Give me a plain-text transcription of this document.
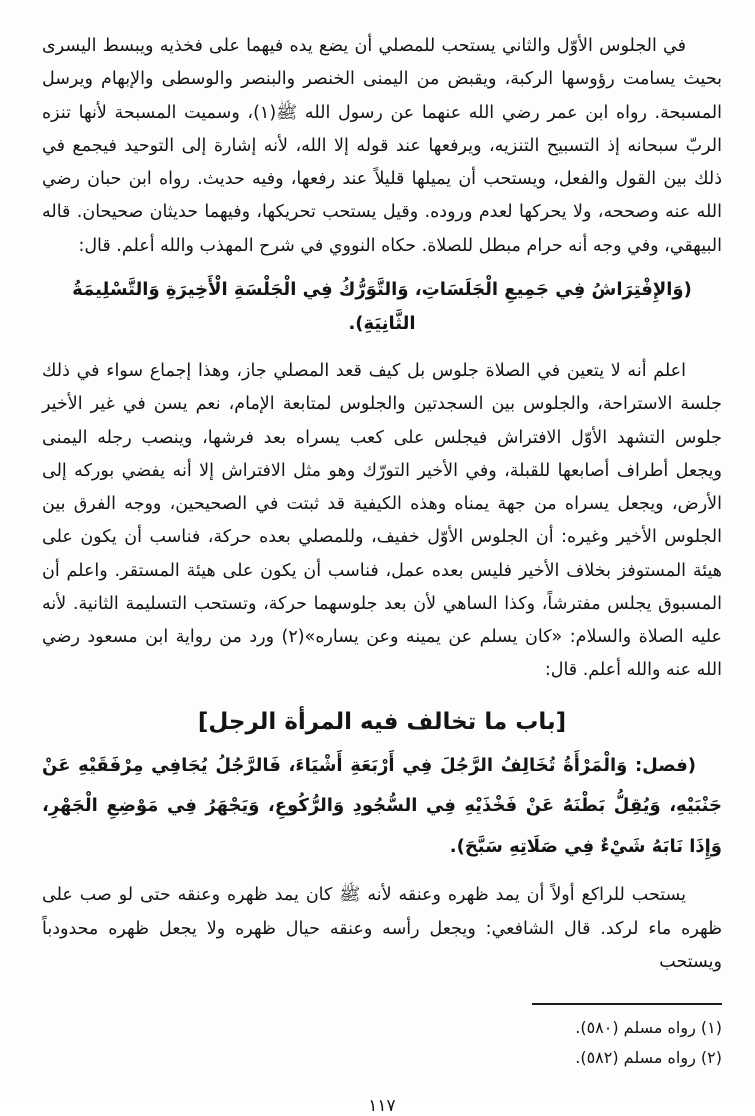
في الجلوس الأوّل والثاني يستحب للمصلي أن يضع يده فيهما على فخذيه ويبسط اليسرى بحيث يسامت رؤوسها الركبة، ويقبض من اليمنى الخنصر والبنصر والوسطى والإبهام ويرسل المسبحة. رواه ابن عمر رضي الله عنهما عن رسول الله ﷺ(١)، وسميت المسبحة لأنها تنزه الربّ سبحانه إذ التسبيح التنزيه، ويرفعها عند قوله إلا الله، لأنه إشارة إلى التوحيد فيجمع في ذلك بين القول والفعل، ويستحب أن يميلها قليلاً عند رفعها، وفيه حديث. رواه ابن حبان رضي الله عنه وصححه، ولا يحركها لعدم وروده. وقيل يستحب تحريكها، وفيهما حديثان صحيحان. قاله البيهقي، وفي وجه أنه حرام مبطل للصلاة. حكاه النووي في شرح المهذب والله أعلم. قال:

(وَالإِفْتِرَاشُ فِي جَمِيعِ الْجَلَسَاتِ، وَالتَّوَرُّكُ فِي الْجَلْسَةِ الْأَخِيرَةِ وَالتَّسْلِيمَةُ الثَّانِيَةِ).

اعلم أنه لا يتعين في الصلاة جلوس بل كيف قعد المصلي جاز، وهذا إجماع سواء في ذلك جلسة الاستراحة، والجلوس بين السجدتين والجلوس لمتابعة الإمام، نعم يسن في غير الأخير جلوس التشهد الأوّل الافتراش فيجلس على كعب يسراه بعد فرشها، وينصب رجله اليمنى ويجعل أطراف أصابعها للقبلة، وفي الأخير التورّك وهو مثل الافتراش إلا أنه يفضي بوركه إلى الأرض، ويجعل يسراه من جهة يمناه وهذه الكيفية قد ثبتت في الصحيحين، ووجه الفرق بين الجلوس الأخير وغيره: أن الجلوس الأوّل خفيف، وللمصلي بعده حركة، فناسب أن يكون على هيئة المستوفز بخلاف الأخير فليس بعده عمل، فناسب أن يكون على هيئة المستقر. واعلم أن المسبوق يجلس مفترشاً، وكذا الساهي لأن بعد جلوسهما حركة، وتستحب التسليمة الثانية. لأنه عليه الصلاة والسلام: «كان يسلم عن يمينه وعن يساره»(٢) ورد من رواية ابن مسعود رضي الله عنه والله أعلم. قال:

[باب ما تخالف فيه المرأة الرجل]

(فصل: وَالْمَرْأَةُ تُخَالِفُ الرَّجُلَ فِي أَرْبَعَةِ أَشْيَاءَ، فَالرَّجُلُ يُجَافِي مِرْفَقَيْهِ عَنْ جَنْبَيْهِ، وَيُقِلُّ بَطْنَهُ عَنْ فَخْذَيْهِ فِي السُّجُودِ وَالرُّكُوعِ، وَيَجْهَرُ فِي مَوْضِعِ الْجَهْرِ، وَإِذَا نَابَهُ شَيْءٌ فِي صَلَاتِهِ سَبَّحَ).

يستحب للراكع أولاً أن يمد ظهره وعنقه لأنه ﷺ كان يمد ظهره وعنقه حتى لو صب على ظهره ماء لركد. قال الشافعي: ويجعل رأسه وعنقه حيال ظهره ولا يجعل ظهره محدودباً ويستحب

(١) رواه مسلم (٥٨٠).

(٢) رواه مسلم (٥٨٢).

١١٧
